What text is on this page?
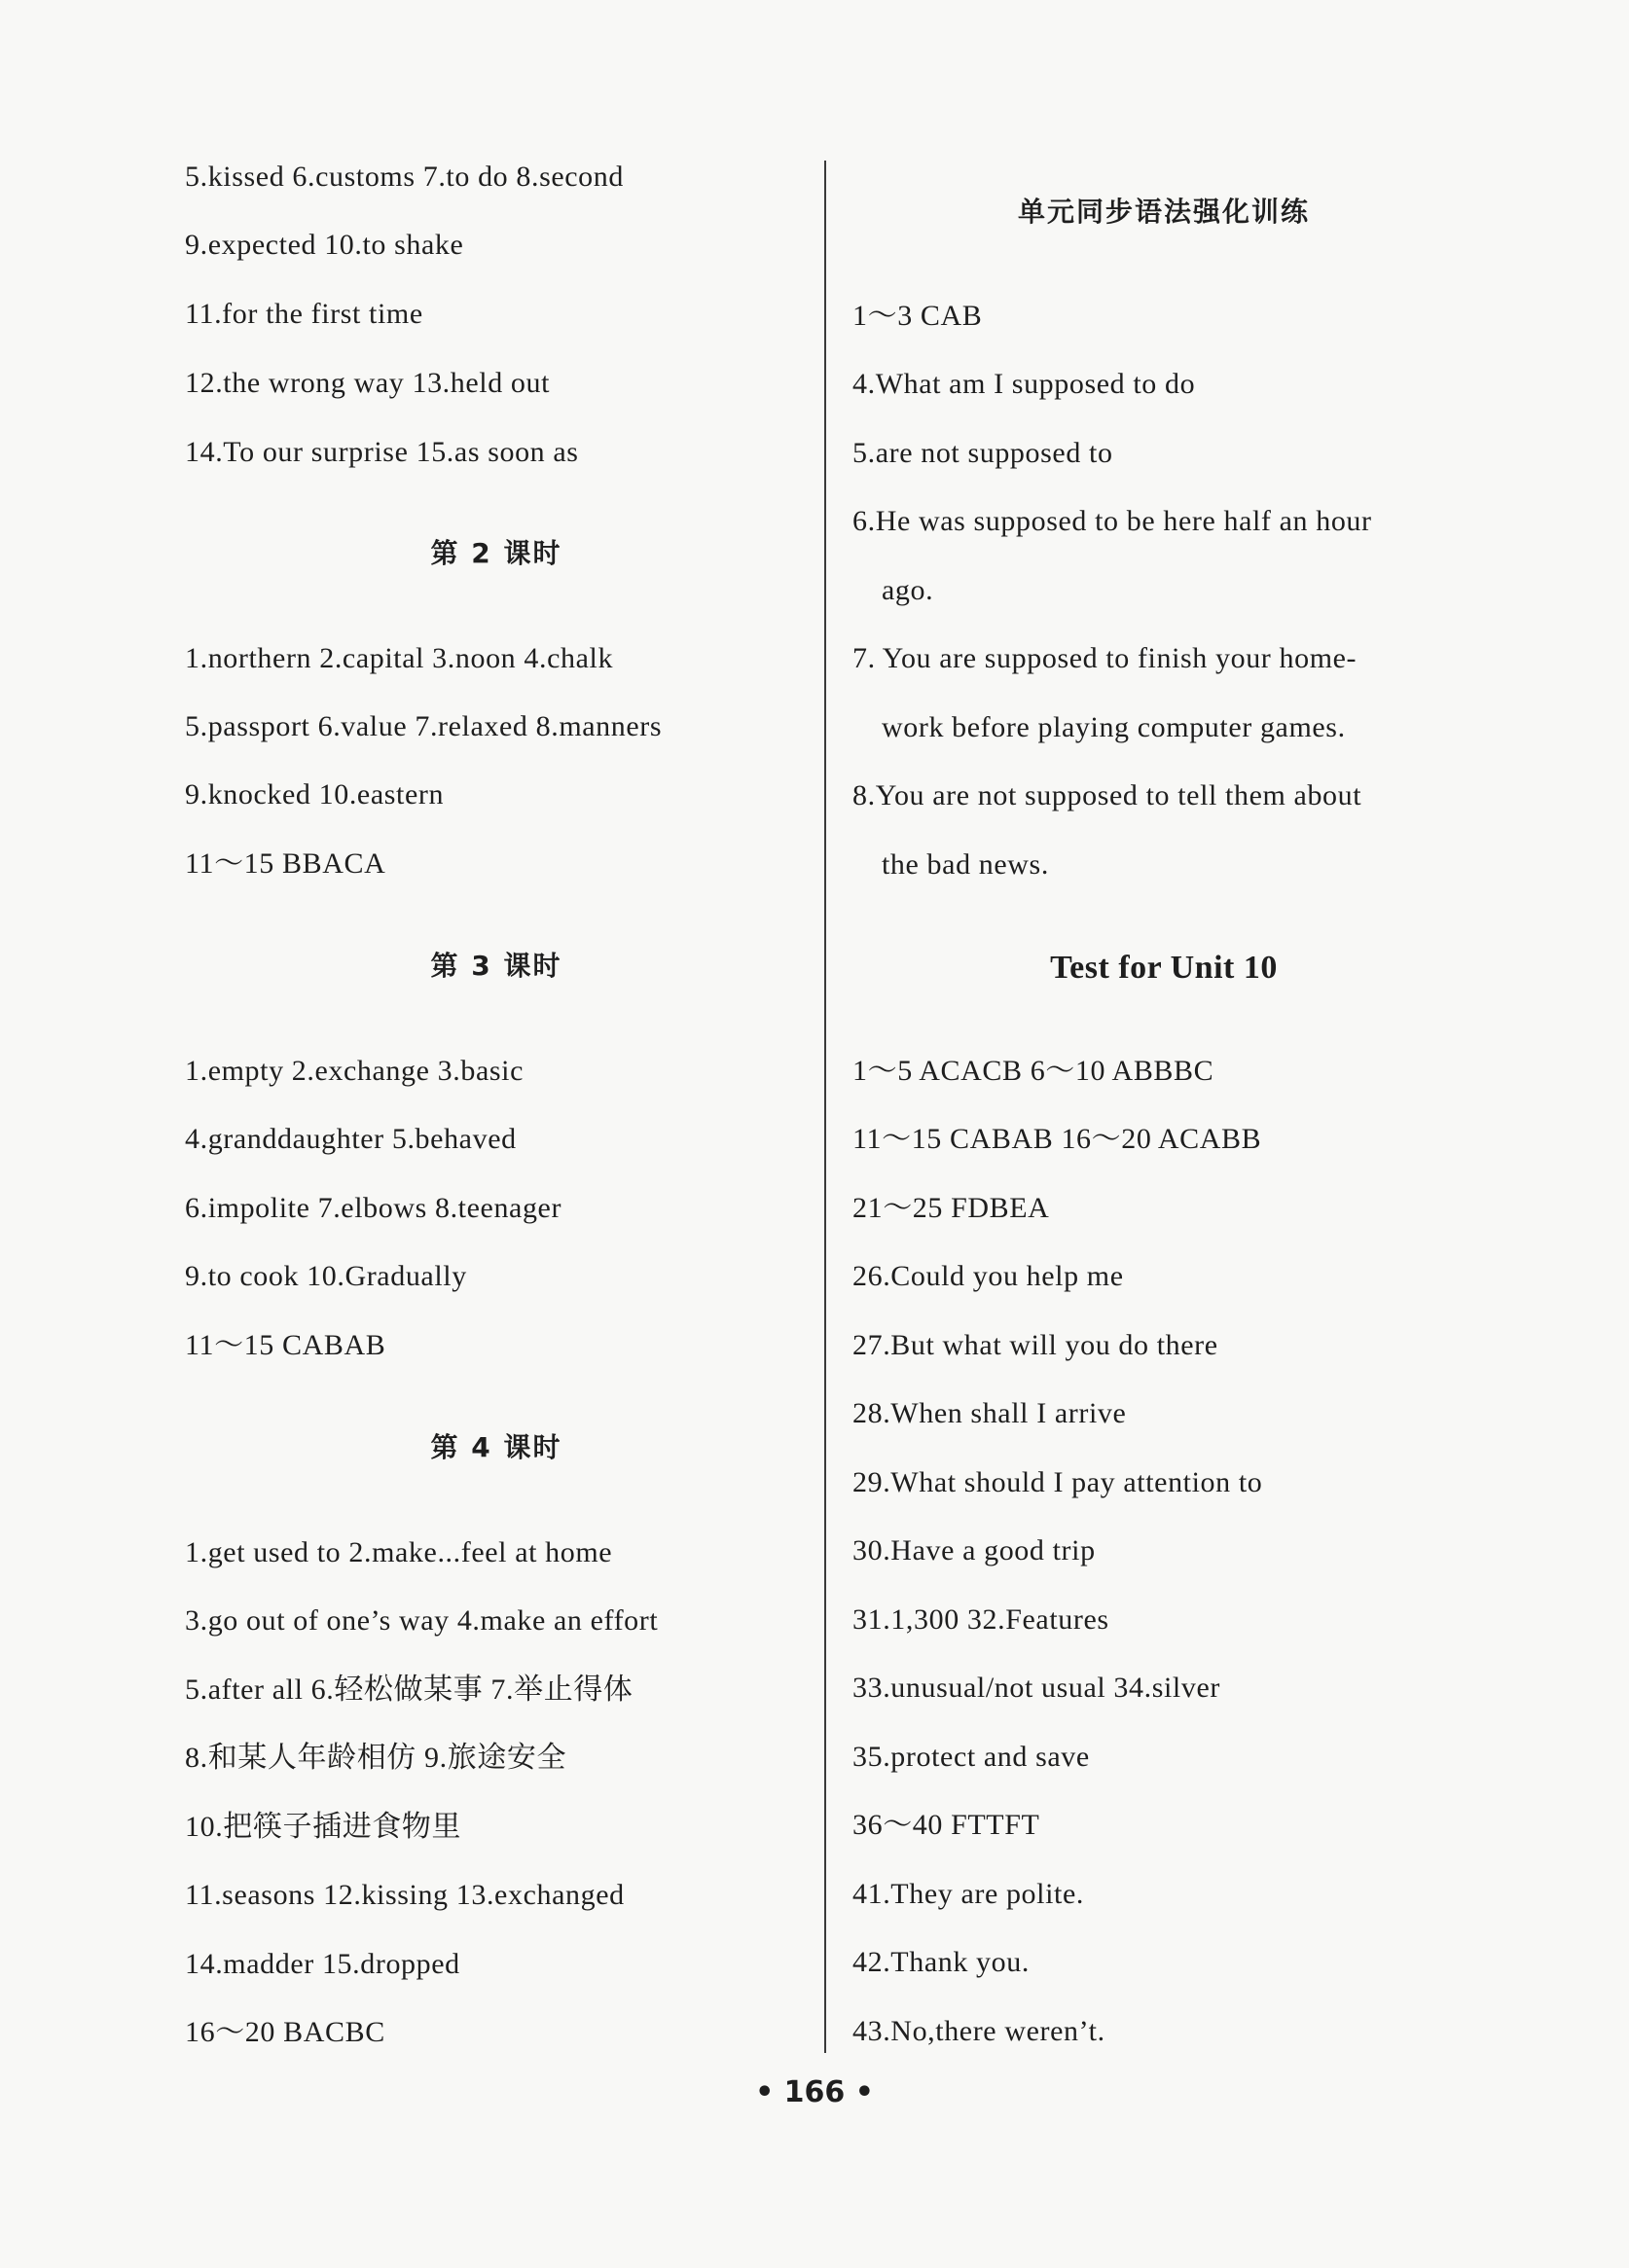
5.kissed 6.customs 7.to do 8.second
9.expected 10.to shake
11.for the first time
12.the wrong way 13.held out
14.To our surprise 15.as soon as
第 2 课时
1.northern 2.capital 3.noon 4.chalk
5.passport 6.value 7.relaxed 8.manners
9.knocked 10.eastern
11～15 BBACA
第 3 课时
1.empty 2.exchange 3.basic
4.granddaughter 5.behaved
6.impolite 7.elbows 8.teenager
9.to cook 10.Gradually
11～15 CABAB
第 4 课时
1.get used to 2.make...feel at home
3.go out of one’s way 4.make an effort
5.after all 6.轻松做某事 7.举止得体
8.和某人年龄相仿 9.旅途安全
10.把筷子插进食物里
11.seasons 12.kissing 13.exchanged
14.madder 15.dropped
16～20 BACBC
单元同步语法强化训练
1～3 CAB
4.What am I supposed to do
5.are not supposed to
6.He was supposed to be here half an hour
ago.
7. You are supposed to finish your home-
work before playing computer games.
8.You are not supposed to tell them about
the bad news.
Test for Unit 10
1～5 ACACB 6～10 ABBBC
11～15 CABAB 16～20 ACABB
21～25 FDBEA
26.Could you help me
27.But what will you do there
28.When shall I arrive
29.What should I pay attention to
30.Have a good trip
31.1,300 32.Features
33.unusual/not usual 34.silver
35.protect and save
36～40 FTTFT
41.They are polite.
42.Thank you.
43.No,there weren’t.
• 166 •
